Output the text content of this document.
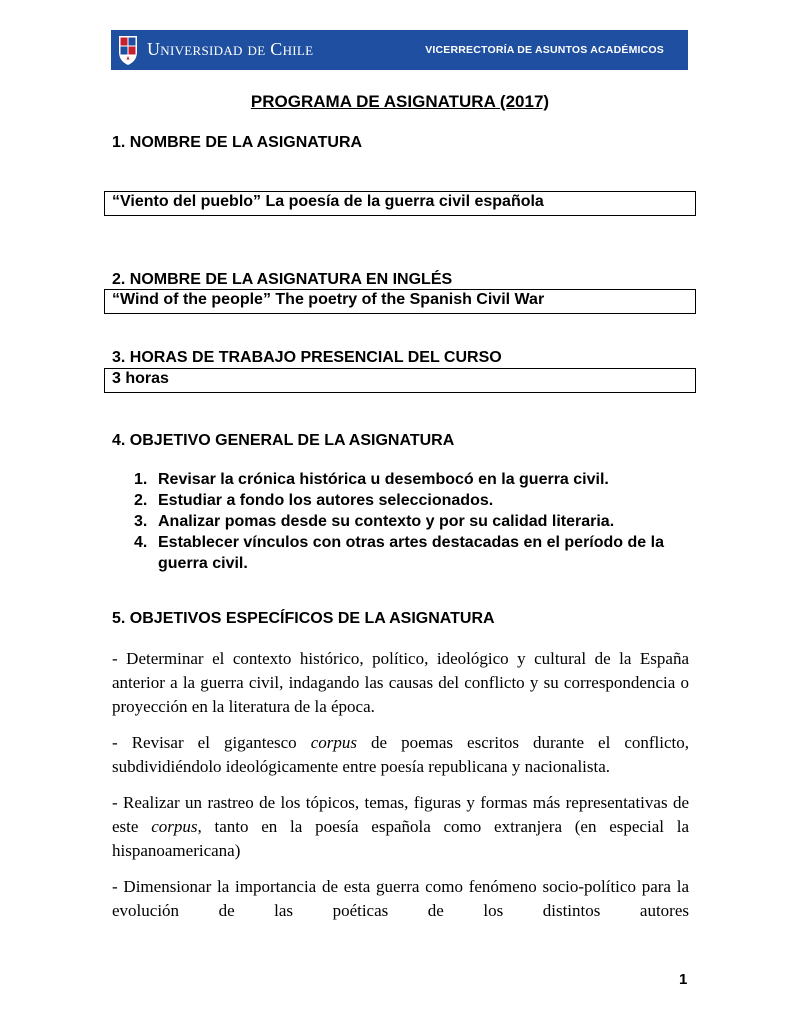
Universidad de Chile	VICERRECTORÍA DE ASUNTOS ACADÉMICOS
PROGRAMA DE ASIGNATURA (2017)
1. NOMBRE DE LA ASIGNATURA
“Viento del pueblo” La poesía de la guerra civil española
2. NOMBRE DE LA ASIGNATURA EN INGLÉS
“Wind of the people” The poetry of the Spanish Civil War
3. HORAS DE TRABAJO PRESENCIAL DEL CURSO
3 horas
4. OBJETIVO GENERAL DE LA ASIGNATURA
1. Revisar la crónica histórica u desembocó en la guerra civil.
2. Estudiar a fondo los autores seleccionados.
3. Analizar pomas desde su contexto y por su calidad literaria.
4. Establecer vínculos con otras artes destacadas en el período de la guerra civil.
5. OBJETIVOS ESPECÍFICOS DE LA ASIGNATURA
- Determinar el contexto histórico, político, ideológico y cultural de la España anterior a la guerra civil, indagando las causas del conflicto y su correspondencia o proyección en la literatura de la época.
- Revisar el gigantesco corpus de poemas escritos durante el conflicto, subdividiéndolo ideológicamente entre poesía republicana y nacionalista.
- Realizar un rastreo de los tópicos, temas, figuras y formas más representativas de este corpus, tanto en la poesía española como extranjera (en especial la hispanoamericana)
- Dimensionar la importancia de esta guerra como fenómeno socio-político para la evolución de las poéticas de los distintos autores
1
